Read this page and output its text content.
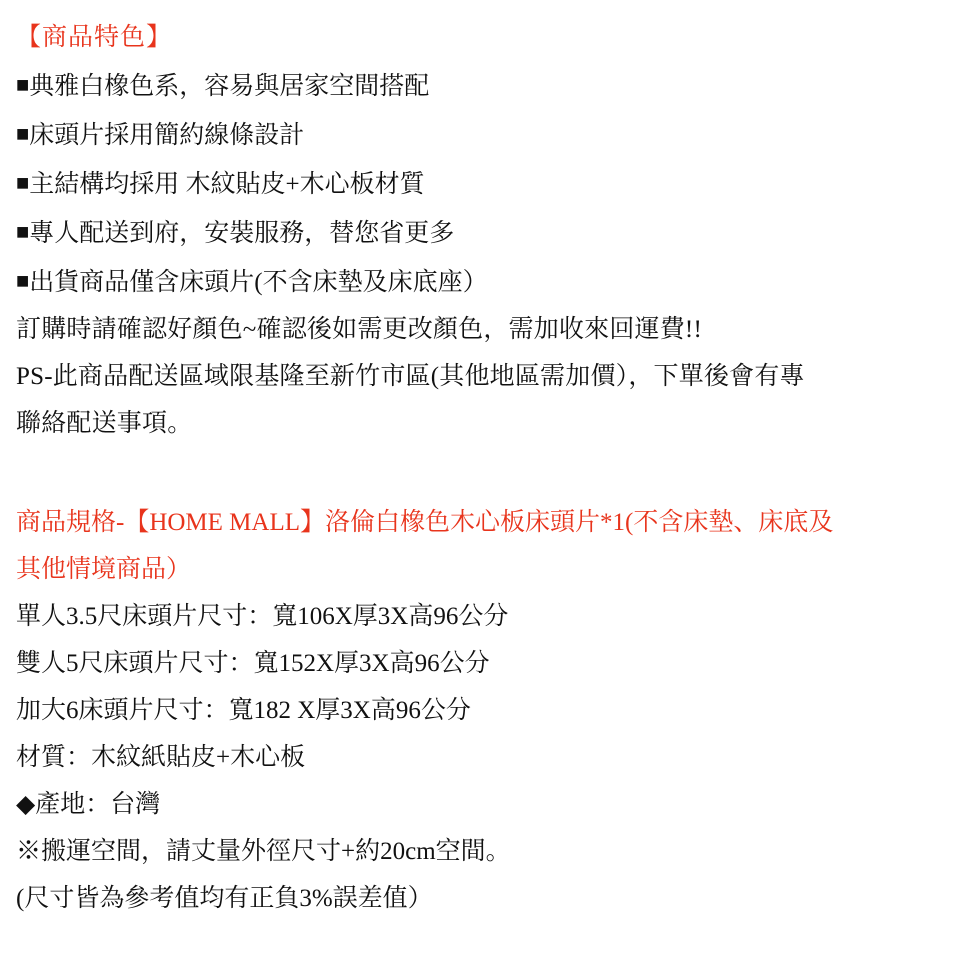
【商品特色】
■典雅白橡色系，容易與居家空間搭配
■床頭片採用簡約線條設計
■主結構均採用 木紋貼皮+木心板材質
■專人配送到府，安裝服務，替您省更多
■出貨商品僅含床頭片(不含床墊及床底座）
訂購時請確認好顏色~確認後如需更改顏色，需加收來回運費!!
PS-此商品配送區域限基隆至新竹市區(其他地區需加價），下單後會有專
聯絡配送事項。
商品規格-【HOME MALL】洛倫白橡色木心板床頭片*1(不含床墊、床底及
其他情境商品）
單人3.5尺床頭片尺寸：寬106X厚3X高96公分
雙人5尺床頭片尺寸：寬152X厚3X高96公分
加大6床頭片尺寸：寬182 X厚3X高96公分
材質：木紋紙貼皮+木心板
◆產地：台灣
※搬運空間，請丈量外徑尺寸+約20cm空間。
(尺寸皆為參考值均有正負3%誤差值）
